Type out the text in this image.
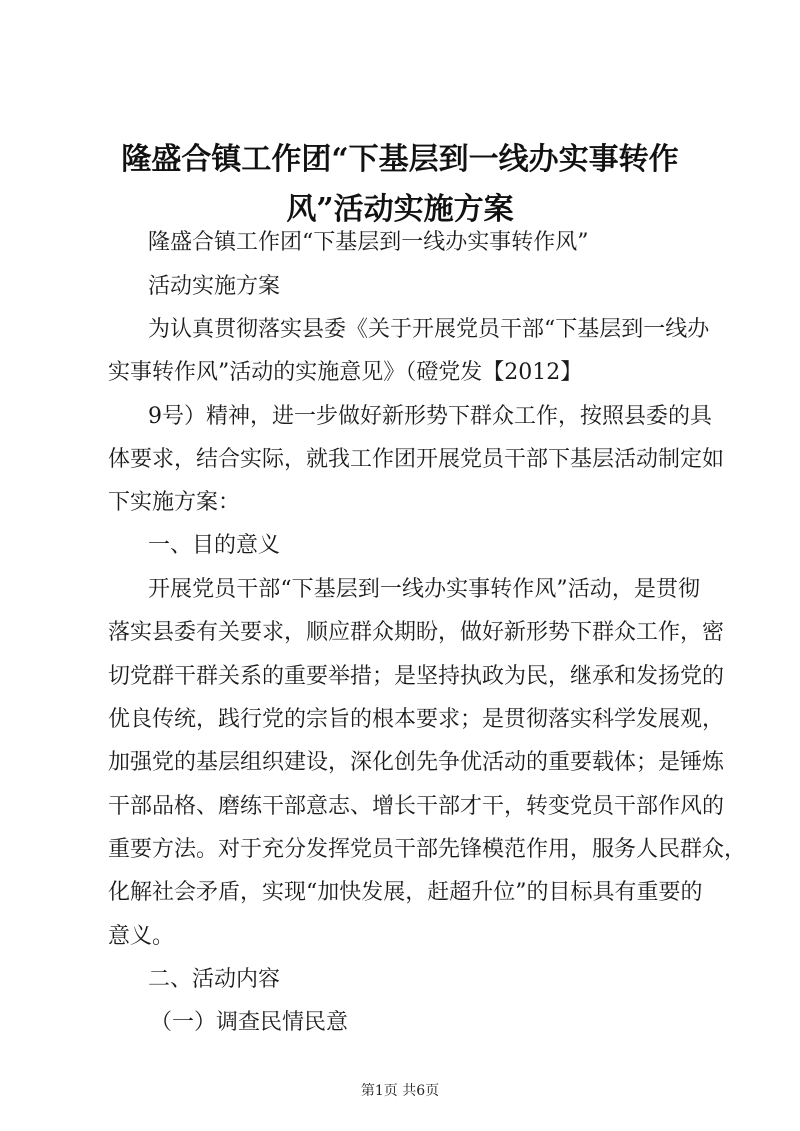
隆盛合镇工作团“下基层到一线办实事转作
风”活动实施方案
隆盛合镇工作团“下基层到一线办实事转作风”
活动实施方案
为认真贯彻落实县委《关于开展党员干部“下基层到一线办
实事转作风”活动的实施意见》（磴党发【2012】
9号）精神，进一步做好新形势下群众工作，按照县委的具
体要求，结合实际，就我工作团开展党员干部下基层活动制定如
下实施方案：
一、目的意义
开展党员干部“下基层到一线办实事转作风”活动，是贯彻
落实县委有关要求，顺应群众期盼，做好新形势下群众工作，密
切党群干群关系的重要举措；是坚持执政为民，继承和发扬党的
优良传统，践行党的宗旨的根本要求；是贯彻落实科学发展观，
加强党的基层组织建设，深化创先争优活动的重要载体；是锤炼
干部品格、磨练干部意志、增长干部才干，转变党员干部作风的
重要方法。对于充分发挥党员干部先锋模范作用，服务人民群众，
化解社会矛盾，实现“加快发展，赶超升位”的目标具有重要的
意义。
二、活动内容
（一）调查民情民意
第1页 共6页
